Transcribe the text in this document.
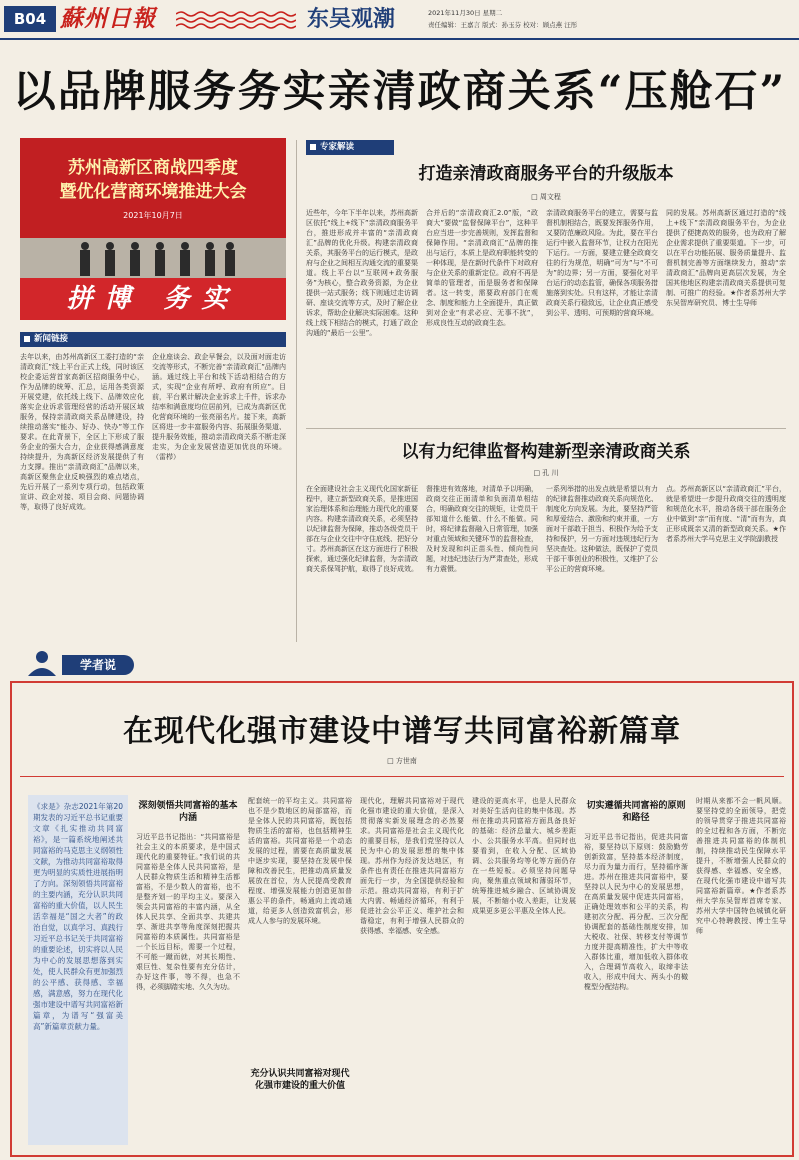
B04 蘇州日報	东吴观潮	2021年11月30日 星期二
责任编辑：王嘉言 版式：孙玉芬 校对：顾点燕 汪彤
以品牌服务务实亲清政商关系“压舱石”
苏州高新区商战四季度
暨优化营商环境推进大会
2021年10月7日
拼博 务实
新闻链接
去年以来，由苏州高新区工委打造的“亲清政商汇”线上平台正式上线，同时该区校企委运营首家高新区招商服务中心，作为品牌的统筹、汇总，运用各类资源开展党建，依托线上线下、品牌效应化落实企业诉求管理经营的活动开展区域服务，保持亲清政商关系品牌建设，持续推动落实“能办、好办、快办”等工作要求。在此背景下，全区上下形成了服务企业的强大合力，企业获得感满意度持续提升，为高新区经济发展提供了有力支撑。推出“亲清政商汇”品牌以来，高新区聚焦企业反映强烈的难点堵点，先后开展了一系列专项行动，包括政策宣讲、政企对接、项目会商、问题协调等，取得了良好成效。
企业座谈会、政企早餐会，以及面对面走访交流等形式，不断完善“亲清政商汇”品牌内涵。通过线上平台和线下活动相结合的方式，实现“企业有所呼、政府有所应”。目前，平台累计解决企业诉求上千件，诉求办结率和满意度均位居前列，已成为高新区优化营商环境的一张亮丽名片。接下来，高新区将进一步丰富服务内容、拓展服务渠道、提升服务效能，推动亲清政商关系不断走深走实，为企业发展营造更加优良的环境。（雷栉）
专家解读
打造亲清政商服务平台的升级版本
□ 周文程
近些年，今年下半年以来，苏州高新区依托“线上+线下”亲清政商服务平台，推进形成并丰富的“亲清政商汇”品牌的优化升级。构建亲清政商关系，其服务平台的运行模式，是政府与企业之间相互沟通交流的重要渠道。线上平台以“互联网+政务服务”为核心，整合政务资源，为企业提供一站式服务；线下则通过走访调研、座谈交流等方式，及时了解企业诉求，帮助企业解决实际困难。这种线上线下相结合的模式，打通了政企沟通的“最后一公里”。
合并后的“亲清政商汇2.0”版，“政商大”要做“监督保障平台”，这种平台应当进一步完善规则，发挥监督和保障作用。“亲清政商汇”品牌的推出与运行，本质上是政府职能转变的一种体现，是在新时代条件下对政府与企业关系的重新定位。政府不再是简单的管理者，而是服务者和保障者。这一转变，需要政府部门在观念、制度和能力上全面提升，真正做到对企业“有求必应、无事不扰”，形成良性互动的政商生态。
亲清政商服务平台的建立，需要与监督机制相结合，既要发挥服务作用，又要防范廉政风险。为此，要在平台运行中嵌入监督环节，让权力在阳光下运行。一方面，要建立健全政商交往的行为规范，明确“可为”与“不可为”的边界；另一方面，要强化对平台运行的动态监管，确保各项服务措施落到实处。只有这样，才能让亲清政商关系行稳致远，让企业真正感受到公平、透明、可预期的营商环境。
同的发展。苏州高新区通过打造的“线上+线下”亲清政商服务平台，为企业提供了便捷高效的服务，也为政府了解企业需求提供了重要渠道。下一步，可以在平台功能拓展、服务质量提升、监督机制完善等方面继续发力，推动“亲清政商汇”品牌向更高层次发展，为全国其他地区构建亲清政商关系提供可复制、可推广的经验。★作者系苏州大学东吴智库研究员、博士生导师
以有力纪律监督构建新型亲清政商关系
□ 孔 川
在全面建设社会主义现代化国家新征程中，建立新型政商关系，是推进国家治理体系和治理能力现代化的重要内容。构建亲清政商关系，必须坚持以纪律监督为保障，推动各级党员干部在与企业交往中守住底线、把好分寸。苏州高新区在这方面进行了积极探索，通过强化纪律监督，为亲清政商关系保驾护航，取得了良好成效。
督推进有效落地，对清单予以明确，政商交往正面清单和负面清单相结合，明确政商交往的规矩，让党员干部知道什么能做、什么不能做。同时，将纪律监督融入日常管理，加强对重点领域和关键环节的监督检查，及时发现和纠正苗头性、倾向性问题，对违纪违法行为严肃查处，形成有力震慑。
一系列举措的出发点就是希望以有力的纪律监督推动政商关系向规范化、制度化方向发展。为此，要坚持严管和厚爱结合、激励和约束并重，一方面对干部敢于担当、积极作为给予支持和保护，另一方面对违规违纪行为坚决查处。这种做法，既保护了党员干部干事创业的积极性，又维护了公平公正的营商环境。
点。苏州高新区以“亲清政商汇”平台，就是希望进一步提升政商交往的透明度和规范化水平，推动各级干部在服务企业中做到“亲”而有度、“清”而有为，真正形成既亲又清的新型政商关系。★作者系苏州大学马克思主义学院副教授
学者说
在现代化强市建设中谱写共同富裕新篇章
□ 方世南
《求是》杂志2021年第20期发表的习近平总书记重要文章《扎实推动共同富裕》，是一篇系统地阐述共同富裕的马克思主义纲领性文献，为推动共同富裕取得更为明显的实质性进展指明了方向。深刻领悟共同富裕的主要内涵，充分认识共同富裕的重大价值，以人民生活幸福是“国之大者”的政治自觉，以真学习、真践行习近平总书记关于共同富裕的重要论述，切实将以人民为中心的发展思想落到实处，使人民群众有更加强烈的公平感、获得感、幸福感，满意感，努力在现代化强市建设中谱写共同富裕新篇章，为谱写“强富美高”新篇章贡献力量。
深刻领悟共同富裕的基本内涵
习近平总书记指出：“共同富裕是社会主义的本质要求，是中国式现代化的重要特征。”我们说的共同富裕是全体人民共同富裕，是人民群众物质生活和精神生活都富裕，不是少数人的富裕，也不是整齐划一的平均主义。要深入领会共同富裕的丰富内涵，从全体人民共享、全面共享、共建共享、渐进共享等角度深刻把握共同富裕的本质属性。共同富裕是一个长远目标，需要一个过程，不可能一蹴而就，对其长期性、艰巨性、复杂性要有充分估计，办好这件事，等不得，也急不得，必须脚踏实地、久久为功。
配套统一的平均主义。共同富裕也不是少数地区的局部富裕，而是全体人民的共同富裕，既包括物质生活的富裕，也包括精神生活的富裕。共同富裕是一个动态发展的过程，需要在高质量发展中逐步实现，要坚持在发展中保障和改善民生，把推动高质量发展放在首位，为人民提高受教育程度、增强发展能力创造更加普惠公平的条件，畅通向上流动通道，给更多人创造致富机会，形成人人参与的发展环境。
充分认识共同富裕对现代化强市建设的重大价值
现代化，理解共同富裕对于现代化强市建设的重大价值，是深入贯彻落实新发展理念的必然要求。共同富裕是社会主义现代化的重要目标，是我们党坚持以人民为中心的发展思想的集中体现。苏州作为经济发达地区，有条件也有责任在推进共同富裕方面先行一步，为全国提供经验和示范。推动共同富裕，有利于扩大内需、畅通经济循环，有利于促进社会公平正义、维护社会和谐稳定，有利于增强人民群众的获得感、幸福感、安全感。
建设的更高水平，也是人民群众对美好生活向往的集中体现。苏州在推动共同富裕方面具备良好的基础：经济总量大、城乡差距小、公共服务水平高。但同时也要看到，在收入分配、区域协调、公共服务均等化等方面仍存在一些短板。必须坚持问题导向，聚焦重点领域和薄弱环节，统筹推进城乡融合、区域协调发展，不断缩小收入差距，让发展成果更多更公平惠及全体人民。
切实遵循共同富裕的原则和路径
习近平总书记指出，促进共同富裕，要坚持以下原则：鼓励勤劳创新致富，坚持基本经济制度，尽力而为量力而行，坚持循序渐进。苏州在推进共同富裕中，要坚持以人民为中心的发展思想，在高质量发展中促进共同富裕，正确处理效率和公平的关系，构建初次分配、再分配、三次分配协调配套的基础性制度安排，加大税收、社保、转移支付等调节力度并提高精准性，扩大中等收入群体比重，增加低收入群体收入，合理调节高收入，取缔非法收入，形成中间大、两头小的橄榄型分配结构。
时期从来都不会一帆风顺。要坚持党的全面领导，把党的领导贯穿于推进共同富裕的全过程和各方面，不断完善推进共同富裕的体制机制，持续推动民生保障水平提升，不断增强人民群众的获得感、幸福感、安全感，在现代化强市建设中谱写共同富裕新篇章。★作者系苏州大学东吴智库首席专家、苏州大学中国特色城镇化研究中心特聘教授、博士生导师
